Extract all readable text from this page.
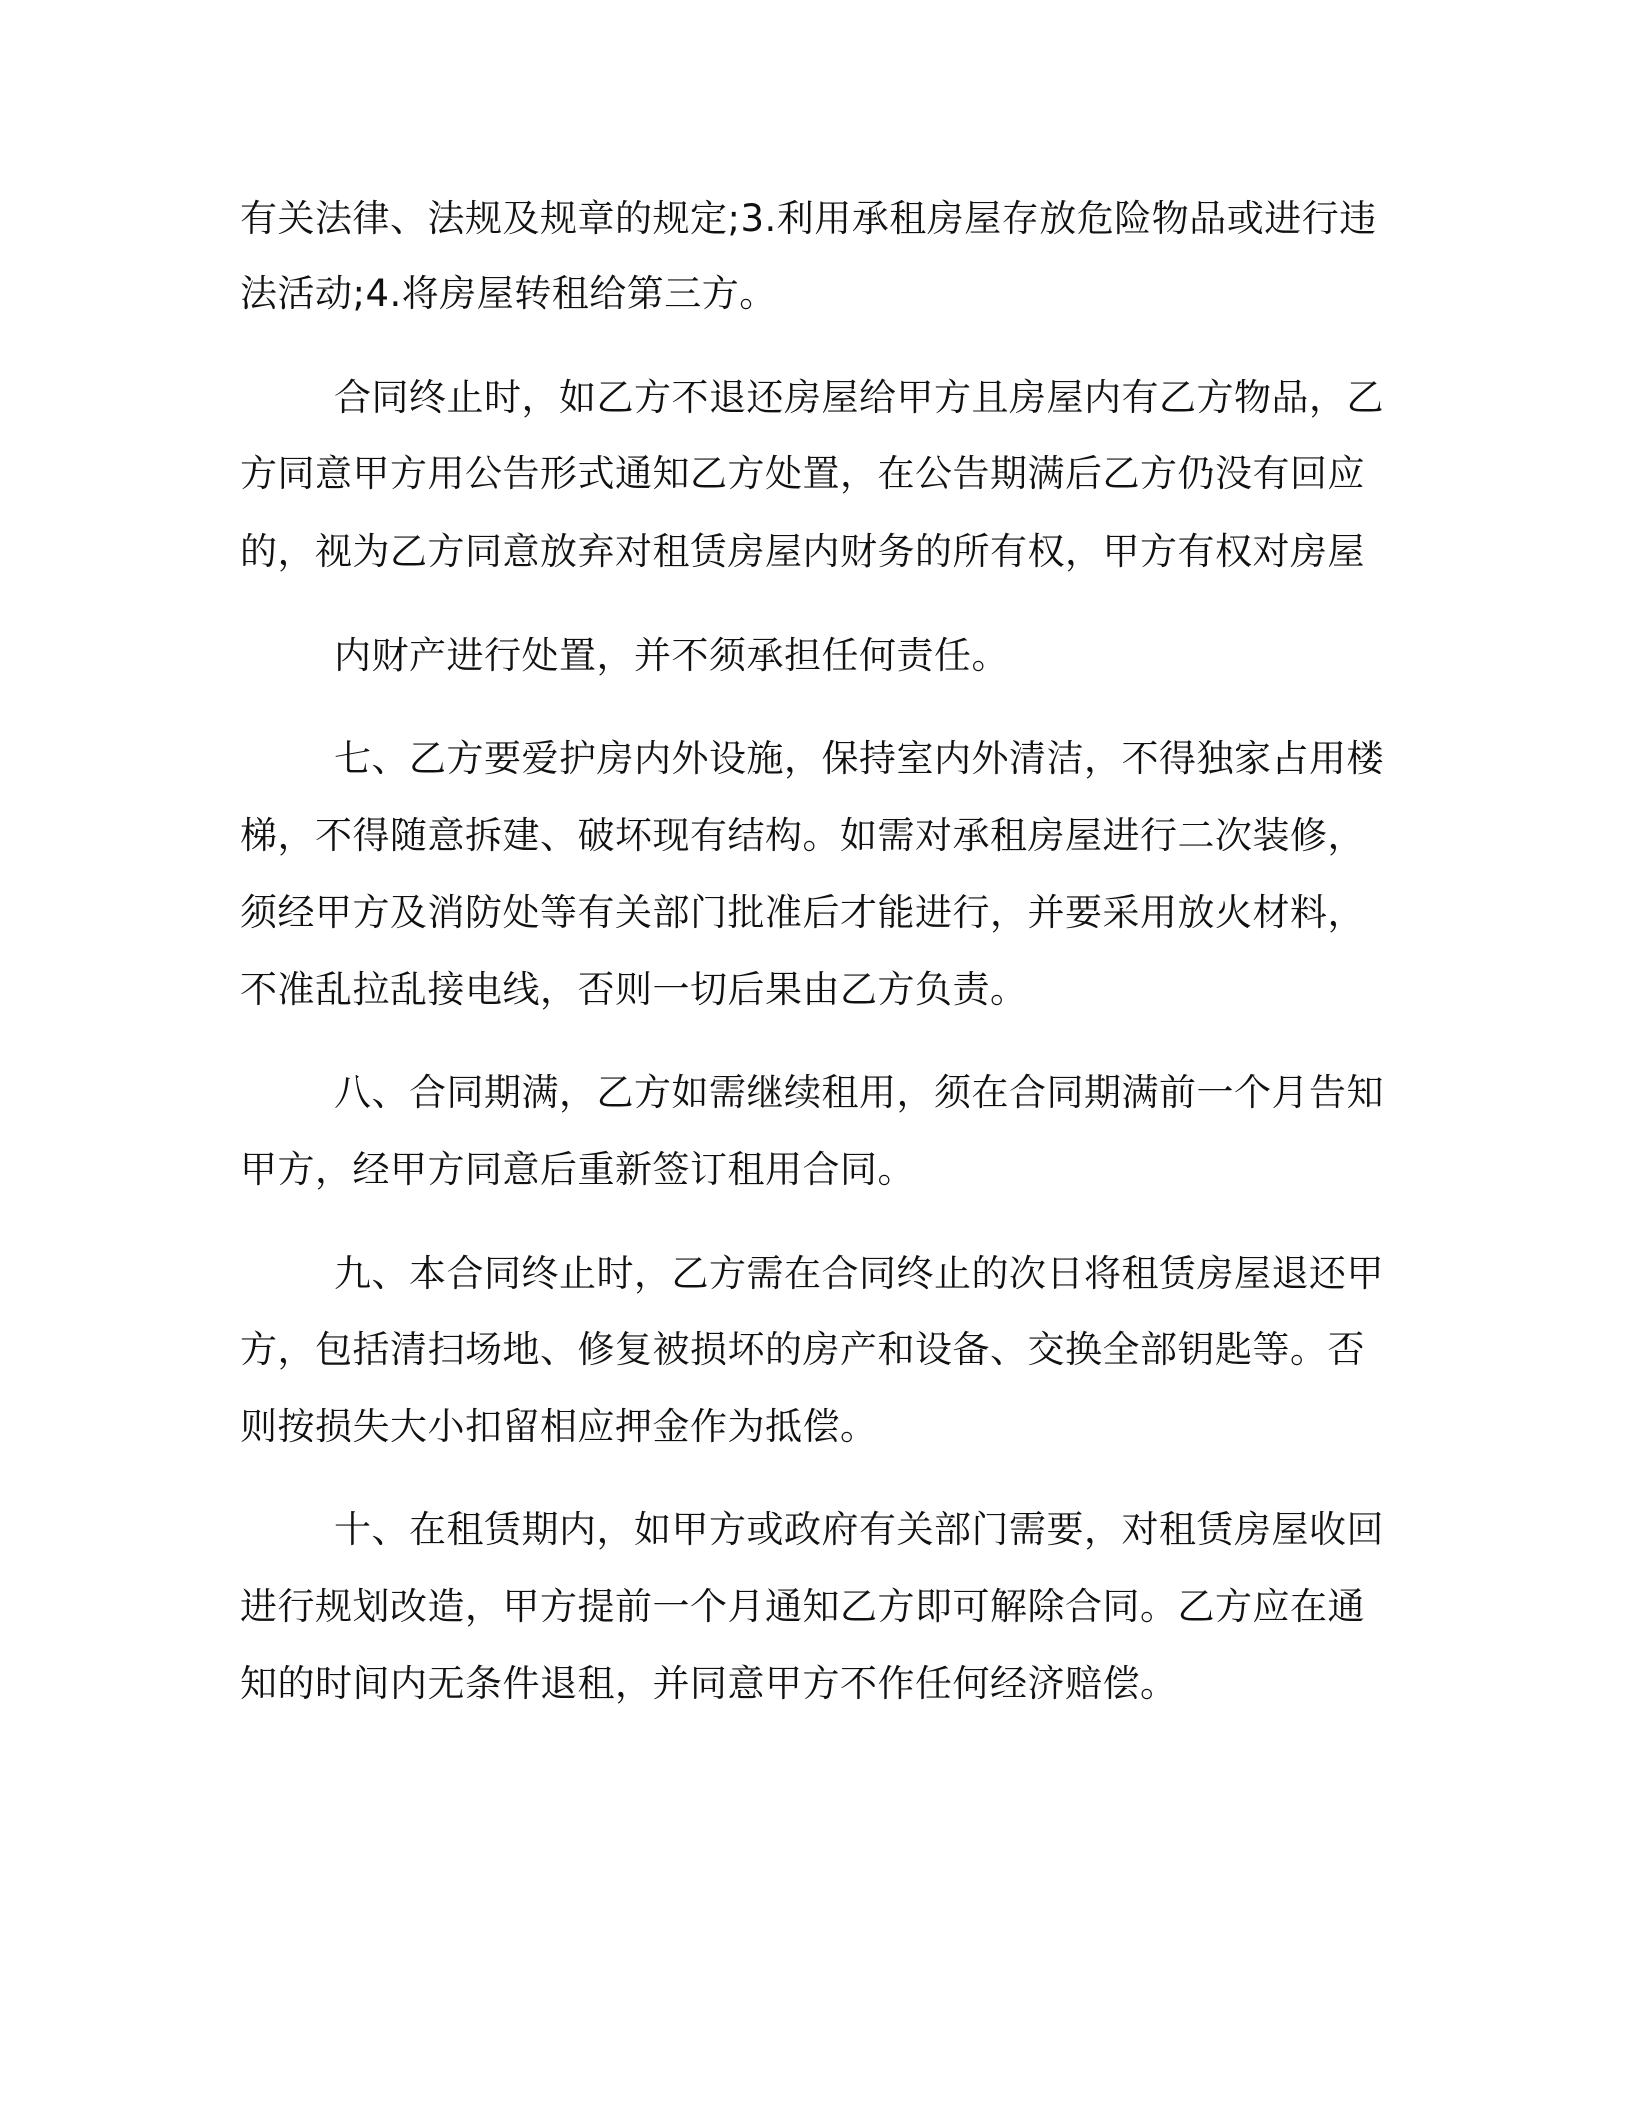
有关法律、法规及规章的规定;3.利用承租房屋存放危险物品或进行违
法活动;4.将房屋转租给第三方。
合同终止时，如乙方不退还房屋给甲方且房屋内有乙方物品，乙
方同意甲方用公告形式通知乙方处置，在公告期满后乙方仍没有回应
的，视为乙方同意放弃对租赁房屋内财务的所有权，甲方有权对房屋
内财产进行处置，并不须承担任何责任。
七、乙方要爱护房内外设施，保持室内外清洁，不得独家占用楼
梯，不得随意拆建、破坏现有结构。如需对承租房屋进行二次装修，
须经甲方及消防处等有关部门批准后才能进行，并要采用放火材料，
不准乱拉乱接电线，否则一切后果由乙方负责。
八、合同期满，乙方如需继续租用，须在合同期满前一个月告知
甲方，经甲方同意后重新签订租用合同。
九、本合同终止时，乙方需在合同终止的次日将租赁房屋退还甲
方，包括清扫场地、修复被损坏的房产和设备、交换全部钥匙等。否
则按损失大小扣留相应押金作为抵偿。
十、在租赁期内，如甲方或政府有关部门需要，对租赁房屋收回
进行规划改造，甲方提前一个月通知乙方即可解除合同。乙方应在通
知的时间内无条件退租，并同意甲方不作任何经济赔偿。
